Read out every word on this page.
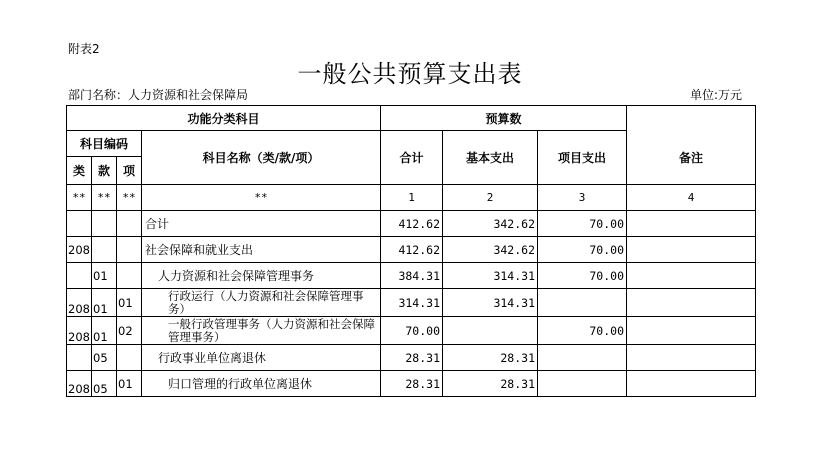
附表2
一般公共预算支出表
部门名称：人力资源和社会保障局	单位:万元
功能分类科目				预算数			
科目编码			科目名称（类/款/项）	合计	基本支出	项目支出	备注
类	款	项					
**	**	**	**	1	2	3	4
			合计	412.62	342.62	70.00	
208			社会保障和就业支出	412.62	342.62	70.00	
	01		人力资源和社会保障管理事务	384.31	314.31	70.00	
208	01	01	行政运行（人力资源和社会保障管理事务）	314.31	314.31		
208	01	02	一般行政管理事务（人力资源和社会保障管理事务）	70.00		70.00	
	05		行政事业单位离退休	28.31	28.31		
208	05	01	归口管理的行政单位离退休	28.31	28.31		
